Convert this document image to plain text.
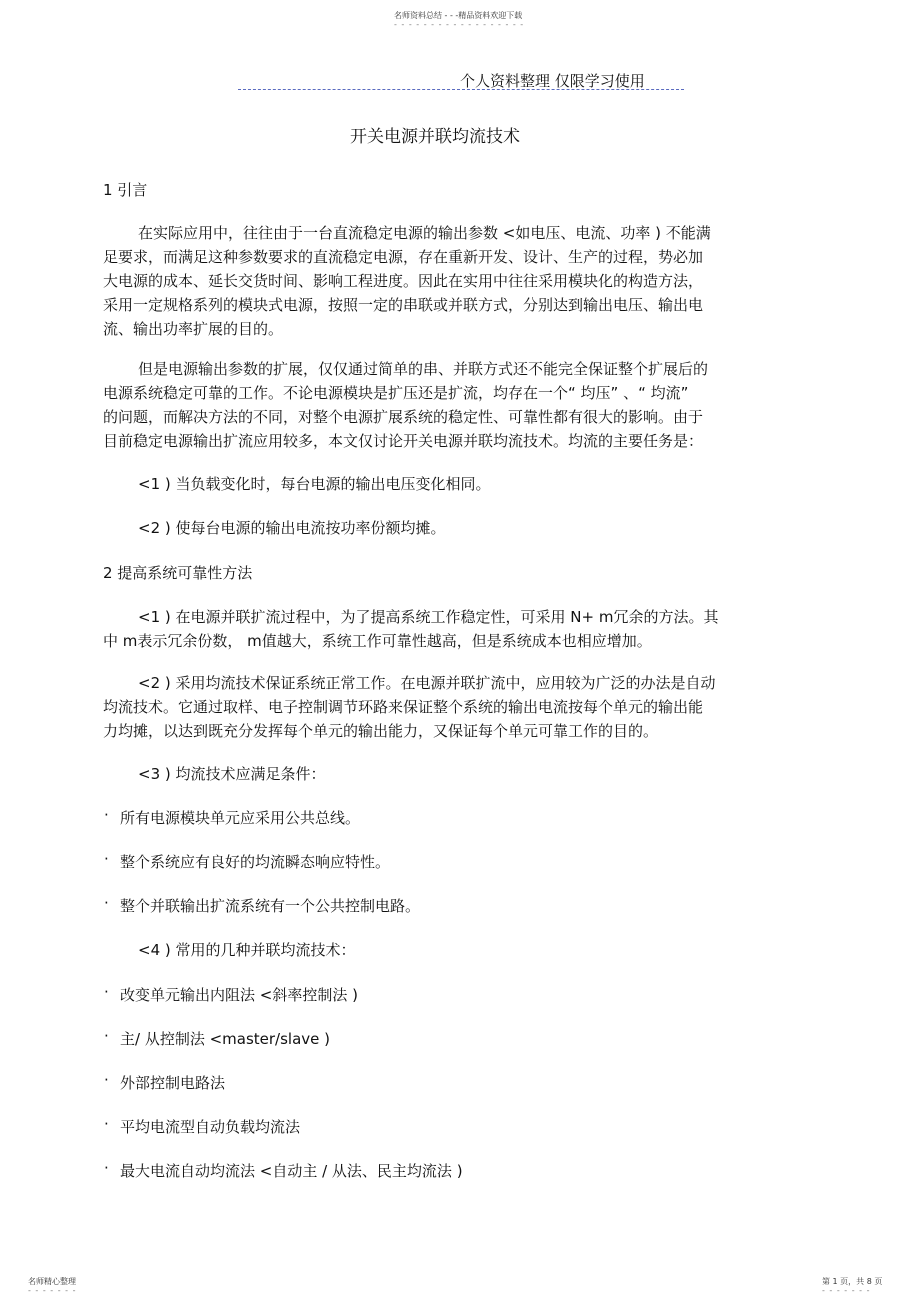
名师资料总结 - - -精品资料欢迎下载
- - - - - - - - - - - - - - - - - -
个人资料整理 仅限学习使用
开关电源并联均流技术
1 引言
在实际应用中，往往由于一台直流稳定电源的输出参数 <如电压、电流、功率 ) 不能满
足要求，而满足这种参数要求的直流稳定电源，存在重新开发、设计、生产的过程，势必加
大电源的成本、延长交货时间、影响工程进度。因此在实用中往往采用模块化的构造方法，
采用一定规格系列的模块式电源，按照一定的串联或并联方式，分别达到输出电压、输出电
流、输出功率扩展的目的。
但是电源输出参数的扩展，仅仅通过简单的串、并联方式还不能完全保证整个扩展后的
电源系统稳定可靠的工作。不论电源模块是扩压还是扩流，均存在一个“ 均压” 、“ 均流”
的问题，而解决方法的不同，对整个电源扩展系统的稳定性、可靠性都有很大的影响。由于
目前稳定电源输出扩流应用较多，本文仅讨论开关电源并联均流技术。均流的主要任务是：
<1 ) 当负载变化时，每台电源的输出电压变化相同。
<2 ) 使每台电源的输出电流按功率份额均摊。
2 提高系统可靠性方法
<1 ) 在电源并联扩流过程中，为了提高系统工作稳定性，可采用 N+ m冗余的方法。其
中 m表示冗余份数， m值越大，系统工作可靠性越高，但是系统成本也相应增加。
<2 ) 采用均流技术保证系统正常工作。在电源并联扩流中，应用较为广泛的办法是自动
均流技术。它通过取样、电子控制调节环路来保证整个系统的输出电流按每个单元的输出能
力均摊，以达到既充分发挥每个单元的输出能力，又保证每个单元可靠工作的目的。
<3 ) 均流技术应满足条件：
· 所有电源模块单元应采用公共总线。
· 整个系统应有良好的均流瞬态响应特性。
· 整个并联输出扩流系统有一个公共控制电路。
<4 ) 常用的几种并联均流技术：
· 改变单元输出内阻法 <斜率控制法 )
· 主/ 从控制法 <master/slave )
· 外部控制电路法
· 平均电流型自动负载均流法
· 最大电流自动均流法 <自动主 / 从法、民主均流法 )
名师精心整理
- - - - - - -
第 1 页，共 8 页
- - - - - - -
